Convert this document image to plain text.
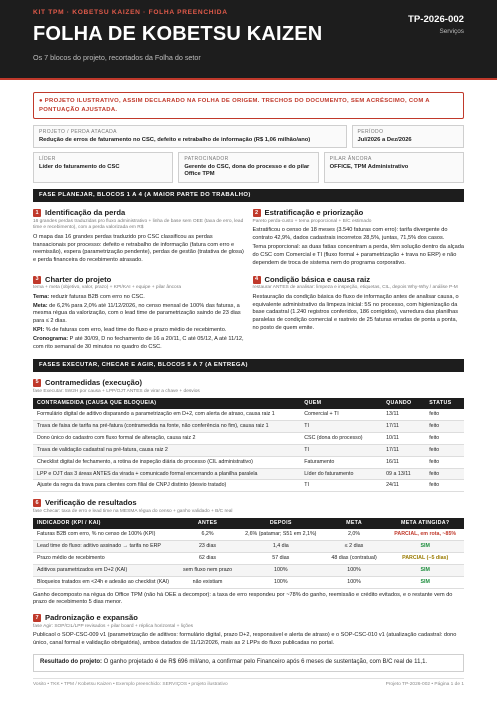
KIT TPM · KOBETSU KAIZEN · FOLHA PREENCHIDA
FOLHA DE KOBETSU KAIZEN
Os 7 blocos do projeto, recortados da Folha do setor
TP-2026-002
Serviços
● PROJETO ILUSTRATIVO, ASSIM DECLARADO NA FOLHA DE ORIGEM. TRECHOS DO DOCUMENTO, SEM ACRÉSCIMO, COM A PONTUAÇÃO AJUSTADA.
PROJETO / PERDA ATACADA
Redução de erros de faturamento no CSC, defeito e retrabalho de informação (R$ 1,06 milhão/ano)
PERÍODO
Jul/2026 a Dez/2026
LÍDER
Líder do faturamento do CSC
PATROCINADOR
Gerente do CSC, dona do processo e do pilar Office TPM
PILAR ÂNCORA
OFFICE, TPM Administrativo
FASE PLANEJAR, BLOCOS 1 A 4 (A MAIOR PARTE DO TRABALHO)
1 Identificação da perda
16 grandes perdas traduzidas pro fluxo administrativo + linha de base sem OEE (taxa de erro, lead time e recebimento), com a perda valorizada em R$
O mapa das 16 grandes perdas traduzido pro CSC classificou as perdas transacionais por processo: defeito e retrabalho de informação (fatura com erro e reemissão), espera (parametrização pendente), perdas de gestão (tratativa de glosa) e perda financeira do recebimento atrasado.
2 Estratificação e priorização
Pareto perda-custo + tema proporcional + B/C estimado

Estratificou o censo de 18 meses (3.540 faturas com erro): tarifa divergente do contrato 42,9%, dados cadastrais incorretos 28,5%, juntas, 71,5% dos casos.

Tema proporcional: as duas fatias concentram a perda, têm solução dentro da alçada do CSC com Comercial e TI (fluxo formal + parametrização + trava no ERP) e não dependem de troca de sistema nem do programa corporativo.

3 Charter do projeto
tema + meta (objetivo, valor, prazo) + KPI/KAI + equipe + pilar âncora

Tema: reduzir faturas B2B com erro no CSC.

Meta: de 6,2% para 2,0% até 11/12/2026, no censo mensal de 100% das faturas, a mesma régua da valorização, com o lead time de parametrização saindo de 23 dias para ≤ 2 dias.

KPI: % de faturas com erro, lead time do fluxo e prazo médio de recebimento.

Cronograma: P até 30/09, D no fechamento de 16 a 20/11, C até 05/12, A até 11/12, com rito semanal de 30 minutos no quadro do CSC.

4 Condição básica e causa raiz
restaurar ANTES de analisar: limpeza e inspeção, etiquetas, CIL, depois Why-Why / análise P-M
Restauração da condição básica do fluxo de informação antes de analisar causa, o equivalente administrativo da limpeza inicial: 5S no processo, com higienização da base cadastral (1.240 registros conferidos, 186 corrigidos), varredura das planilhas paralelas de condição comercial e rastreio de 25 faturas erradas de ponta a ponta, no posto de quem emite.
FASES EXECUTAR, CHECAR E AGIR, BLOCOS 5 A 7 (A ENTREGA)
5 Contramedidas (execução)
fase Executar: 5W2H por causa + LPP/OJT ANTES de virar a chave + desvios
CONTRAMEDIDA (CAUSA QUE BLOQUEIA)	QUEM	QUANDO	STATUS
Formulário digital de aditivo disparando a parametrização em D+2, com alerta de atraso, causa raiz 1	Comercial + TI	13/11	feito
Trava de faixa de tarifa na pré-fatura (contramedida na fonte, não conferência no fim), causa raiz 1	TI	17/11	feito
Dono único do cadastro com fluxo formal de alteração, causa raiz 2	CSC (dona do processo)	10/11	feito
Trava de validação cadastral na pré-fatura, causa raiz 2	TI	17/11	feito
Checklist digital de fechamento, a rotina de inspeção diária do processo (CIL administrativo)	Faturamento	16/11	feito
LPP e OJT das 3 áreas ANTES da virada + comunicado formal encerrando a planilha paralela	Líder do faturamento	09 a 13/11	feito
Ajuste da regra da trava para clientes com filial de CNPJ distinto (desvio tratado)	TI	24/11	feito
6 Verificação de resultados
fase Checar: taxa de erro e lead time na MESMA régua do censo + ganho validado + B/C real
INDICADOR (KPI / KAI)	ANTES	DEPOIS	META	META ATINGIDA?
Faturas B2B com erro, % no censo de 100% (KPI)	6,2%	2,6% (patamar; S51 em 2,1%)	2,0%	PARCIAL, em rota, ~85%
Lead time do fluxo: aditivo assinado → tarifa no ERP	23 dias	1,4 dia	≤ 2 dias	SIM
Prazo médio de recebimento	62 dias	57 dias	48 dias (contratual)	PARCIAL (−5 dias)
Aditivos parametrizados em D+2 (KAI)	sem fluxo nem prazo	100%	100%	SIM
Bloqueios tratados em <24h e adesão ao checklist (KAI)	não existiam	100%	100%	SIM
Ganho decomposto na régua do Office TPM (não há OEE a decompor): a taxa de erro respondeu por ~78% do ganho, reemissão e crédito evitados, e o restante vem do prazo de recebimento 5 dias menor.
7 Padronização e expansão
fase Agir: SOP/CIL/LPP revisados + pilar board + réplica horizontal + lições
Publicaol o SOP-CSC-009 v1 (parametrização de aditivos: formulário digital, prazo D+2, responsável e alerta de atraso) e o SOP-CSC-010 v1 (atualização cadastral: dono único, canal formal e validação obrigatória), ambos datados de 11/12/2026, mais as 2 LPPs do fluxo publicadas no portal.
Resultado do projeto: O ganho projetado é de R$ 696 mil/ano, a confirmar pelo Financeiro após 6 meses de sustentação, com B/C real de 11,1.
Vosito • TKK • TPM / Kobetsu Kaizen • Exemplo preenchido: SERVIÇOS • projeto ilustrativo	Projeto TP-2026-002 • Página 1 de 1
